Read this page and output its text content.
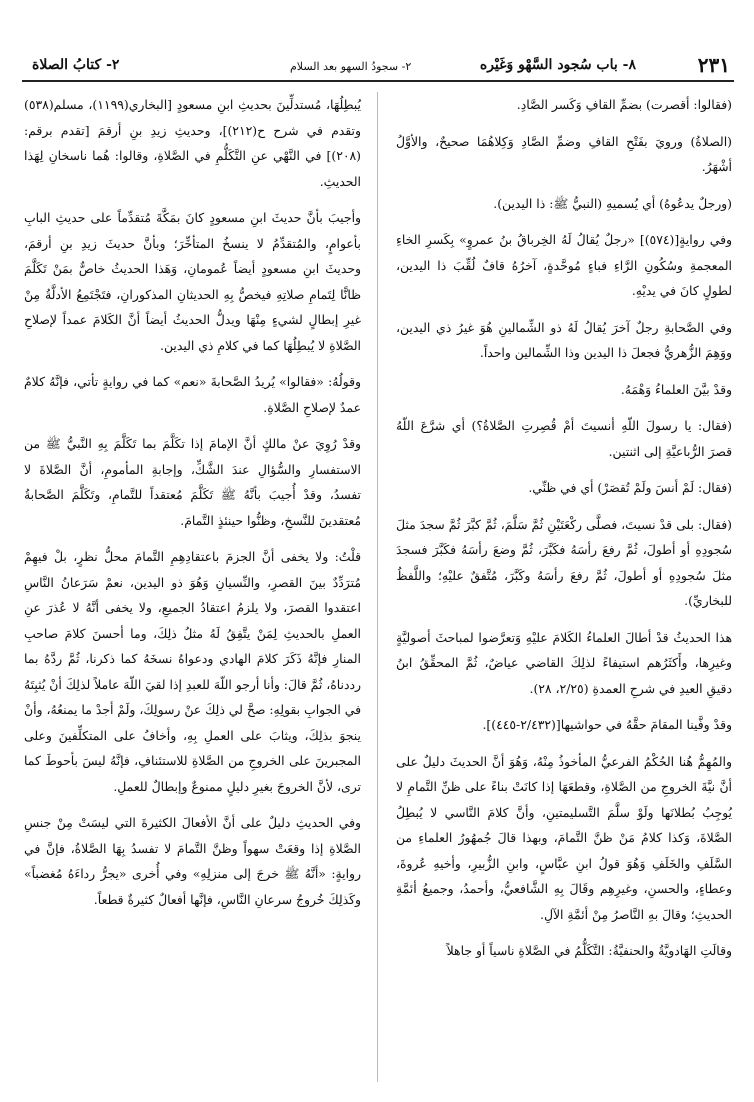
٢٣١
٨- باب سُجود السَّهْو وَغَيْره
٢- سجودُ السهو بعد السلام
٢- كتابُ الصلاة

(فقالوا: أقصرت) بضمِّ القافِ وَكَسر الصَّادِ.

(الصلاةُ) ورويَ بفَتْحِ القافِ وضمِّ الصَّادِ وَكِلاهُمَا صحيحٌ، والأوَّلُ أشْهَرُ.

(ورجلٌ يدعُوهُ) أي يُسميهِ (النبيُّ ﷺ: ذا اليدين).

وفي روايةٍ[(٥٧٤)] «رجلٌ يُقالُ لَهُ الخِرباقُ بنُ عمروٍ» بِكَسرِ الخاءِ المعجمةِ وسُكُونِ الرَّاءِ فباءٍ مُوحَّدةٍ، آخرُهُ قافٌ لُقِّبَ ذا اليدين، لطولٍ كانَ في يديْهِ.

وفي الصَّحابةِ رجلٌ آخرَ يُقالُ لَهُ ذو الشِّمالينِ هُوَ غيرُ ذي اليدين، ووَهِمَ الزُّهريُّ فجعلَ ذا اليدين وذا الشِّمالين واحداً.

وقدْ بيَّنَ العلماءُ وَهْمَهُ.

(فقال: يا رسولَ اللّهِ أنسيتَ أمْ قُصِرتِ الصَّلاةُ؟) أي شرَّعَ اللّهُ قصرَ الرُّباعيَّةِ إلى اثنتين.

(فقال: لَمْ أنسَ ولَمْ تُقصَرْ) أي في ظنِّي.

(فقال: بلى قدْ نسيتَ، فصلَّى ركْعَتَيْنِ ثُمَّ سَلَّمَ، ثُمَّ كبَّرَ ثُمَّ سجدَ مثلَ سُجودِهِ أو أطولَ، ثُمَّ رفعَ رأسَهُ فكَبَّرَ، ثُمَّ وضعَ رأسَهُ فكَبَّرَ فسجدَ مثلَ سُجودِهِ أو أطولَ، ثُمَّ رفعَ رأسَهُ وكَبَّرَ، مُتَّفقٌ عليْهِ؛ واللَّفظُ للبخاريِّ).

هذا الحديثُ قدْ أطالَ العلماءُ الكَلامَ عليْهِ وَتعرَّضوا لمباحثَ أصوليَّةٍ وغيرِها، وأَكثَرُهم استيفاءً لذلِكَ القاضي عياضٌ، ثُمَّ المحقِّقُ ابنُ دقيقِ العيدِ في شرحِ العمدةِ (٢/٢٥، ٢٨).

وقدْ وفَّينا المقامَ حقَّهُ في حواشيها[(٢/٤٣٢-٤٤٥)].

والمُهِمُّ هُنا الحُكْمُ الفرعيُّ المأخوذُ مِنْهُ، وَهُوَ أنَّ الحديثَ دليلٌ على أنَّ نيَّةَ الخروجِ من الصَّلاةِ، وقطعَهَا إذا كانَتْ بناءً على ظنِّ التَّمامِ لا يُوجِبُ بُطلانَها ولَوْ سلَّمَ التَّسليمتينِ، وأنَّ كلامَ النَّاسي لا يُبطِلُ الصَّلاةَ، وَكذا كلامُ مَنْ ظنَّ التَّمامَ، وبهذا قالَ جُمهُورُ العلماءِ من السَّلَفِ والخَلَفِ وَهُوَ قولُ ابنِ عبَّاسٍ، وابنِ الزُّبيرِ، وأخيهِ عُروةَ، وعطاءٍ، والحسنِ، وغيرِهِم وقَالَ بِهِ الشَّافعيُّ، وأحمدُ، وجميعُ أئمَّةِ الحديثِ؛ وقالَ بهِ النَّاصرُ مِنْ أئمَّةِ الآلِ.

وقالَتِ الهَادويَّةُ والحنفيَّةُ: التَّكَلُّمُ في الصَّلاةِ ناسياً أو جاهلاً

يُبطِلُهَا، مُستدلِّينَ بحديثِ ابنِ مسعودٍ [البخاري(١١٩٩)، مسلم(٥٣٨) وتقدم في شرح ح(٢١٢)]، وحديثِ زيدِ بنِ أرقمَ [تقدم برقم: (٢٠٨)] في النَّهْي عنِ التَّكَلُّمِ في الصَّلاةِ، وقالوا: هُما ناسخانِ لِهَذا الحديثِ.

وأجيبَ بأنَّ حديثَ ابنِ مسعودٍ كانَ بمَكَّةَ مُتقدِّماً على حديثِ البابِ بأعوامٍ، والمُتقدِّمُ لا ينسخُ المتأخِّرَ؛ وبأنَّ حديثَ زيدِ بنِ أرقمَ، وحديثَ ابنِ مسعودٍ أيضاً عُمومانِ، وَهَذا الحديثُ خاصٌّ بمَنْ تَكَلَّمَ ظانًّا لِتَمامِ صلاتِهِ فيخصُّ بِهِ الحديثانِ المذكورانِ، فتَجْتَمِعُ الأدلَّةُ مِنْ غيرِ إبطالٍ لشيءٍ مِنْهَا ويدلُّ الحديثُ أيضاً أنَّ الكَلامَ عمداً لإصلاحِ الصَّلاةِ لا يُبطِلُهَا كما في كلامِ ذي اليدين.

وقولُهُ: «فقالوا» يُريدُ الصَّحابةَ «نعم» كما في روايةٍ تأتي، فإنَّهُ كلامٌ عمدٌ لإصلاحِ الصَّلاةِ.

وقدْ رُوِيَ عنْ مالكٍ أنَّ الإمامَ إذا تكَلَّمَ بما تَكَلَّمَ بِهِ النَّبيُّ ﷺ من الاستفسارِ والسُّؤالِ عندَ الشَّكِّ، وإجابةِ المأمومِ، أنَّ الصَّلاةَ لا تفسدُ، وقدْ أُجيبَ بأنَّهُ ﷺ تَكَلَّمَ مُعتقداً للتَّمامِ، وتَكَلَّمَ الصَّحابةُ مُعتقدينَ للنَّسخِ، وظنُّوا حينئذٍ التَّمامَ.

قلْتُ: ولا يخفى أنَّ الجزمَ باعتقادِهِمِ التَّمامَ محلُّ نظرٍ، بلْ فيهِمْ مُترَدِّدٌ بينَ القصرِ، والنِّسيانِ وَهُوَ ذو اليدين، نعمْ سَرَعانُ النَّاسِ اعتقدوا القصرَ، ولا يلزمُ اعتقادُ الجميعِ، ولا يخفى أنَّهُ لا عُذرَ عنِ العملِ بالحديثِ لِمَنْ يتَّفِقُ لَهُ مثلُ ذلِكَ، وما أحسنَ كلامَ صاحبِ المنارِ فإنَّهُ ذَكَرَ كلامَ الهادي ودعواهُ نسخَهُ كما ذكرنا، ثُمَّ ردَّهُ بما رددناهُ، ثُمَّ قالَ: وأنا أرجو اللّهَ للعبدِ إذا لقيَ اللّهَ عاملاً لذلِكَ أنْ يُثبِتَهُ في الجوابِ بقولِهِ: صحَّ لي ذلِكَ عنْ رسولِكَ، ولَمْ أجدْ ما يمنعُهُ، وأنْ ينجوَ بذلِكَ، ويثابَ على العملِ بِهِ، وأخافُ على المتكلِّفينَ وعلى المجبرينَ على الخروجِ من الصَّلاةِ للاستئنافِ، فإنَّهُ ليسَ بأحوطَ كما ترى، لأنَّ الخروجَ بغيرِ دليلٍ ممنوعٌ وإبطالٌ للعملِ.

وفي الحديثِ دليلٌ على أنَّ الأفعالَ الكثيرةَ التي ليسَتْ مِنْ جنسِ الصَّلاةِ إذا وقعَتْ سهواً وظنَّ التَّمامَ لا تفسدُ بِهَا الصَّلاةُ، فإنَّ في روايةٍ: «أنَّهُ ﷺ خرجَ إلى منزلِهِ» وفي أُخرى «يجرُّ رداءَهُ مُغضباً» وكَذلِكَ خُروجُ سرعانِ النَّاسِ، فإنَّها أفعالٌ كثيرةٌ قطعاً.
